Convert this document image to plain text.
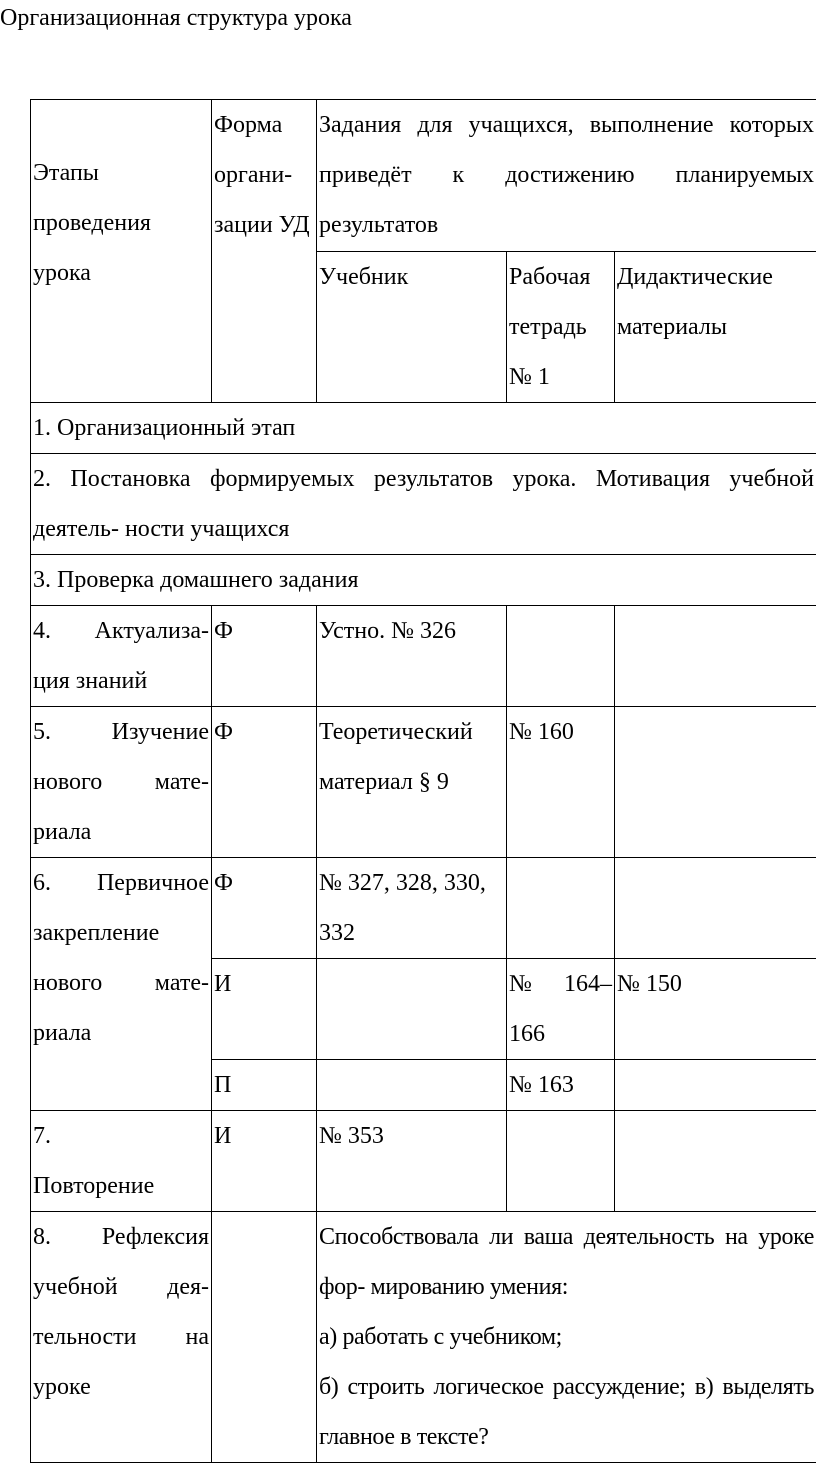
Организационная структура урока
Этапы проведения урока	Форма органи- зации УД	Задания для учащихся, выполнение которых приведёт к достижению планируемых результатов		
		Учебник	Рабочая тетрадь № 1	Дидактические материалы
1. Организационный этап				
2. Постановка формируемых результатов урока. Мотивация учебной деятель- ности учащихся				
3. Проверка домашнего задания				
4. Актуализа- ция знаний	Ф	Устно. № 326		
5. Изучение нового мате- риала	Ф	Теоретический материал § 9	№ 160	
6. Первичное закрепление нового мате- риала	Ф	№ 327, 328, 330, 332		
	И		№ 164–166	№ 150
	П		№ 163	
7. Повторение	И	№ 353		
8. Рефлексия учебной дея- тельности на уроке		Способствовала ли ваша деятельность на уроке фор- мированию умения:
а) работать с учебником;
б) строить логическое рассуждение; в) выделять главное в тексте?		
